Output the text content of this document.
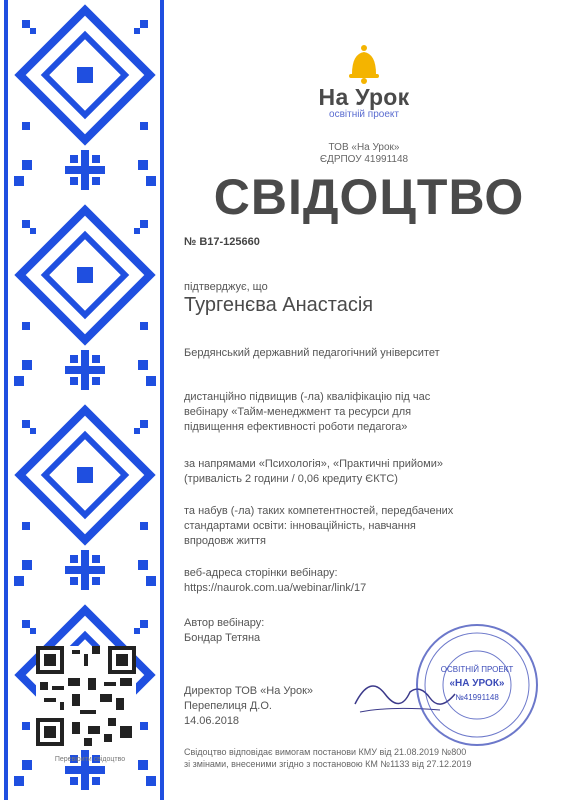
Перевірити свідоцтво
На Урок
освітній проект
ТОВ «На Урок»
ЄДРПОУ 41991148
СВІДОЦТВО
№ В17-125660
підтверджує, що
Тургенєва Анастасія
Бердянський державний педагогічний університет
дистанційно підвищив (-ла) кваліфікацію під час
вебінару «Тайм-менеджмент та ресурси для
підвищення ефективності роботи педагога»
за напрямами «Психологія», «Практичні прийоми»
(тривалість 2 години / 0,06 кредиту ЄКТС)
та набув (-ла) таких компетентностей, передбачених
стандартами освіти: інноваційність, навчання
впродовж життя
веб-адреса сторінки вебінару:
https://naurok.com.ua/webinar/link/17
Автор вебінару:
Бондар Тетяна
Директор ТОВ «На Урок»
Перепелиця Д.О.
14.06.2018
Свідоцтво відповідає вимогам постанови КМУ від 21.08.2019 №800
зі змінами, внесеними згідно з постановою КМ №1133 від 27.12.2019
ОСВІТНІЙ ПРОЕКТ
«НА УРОК»
№41991148
